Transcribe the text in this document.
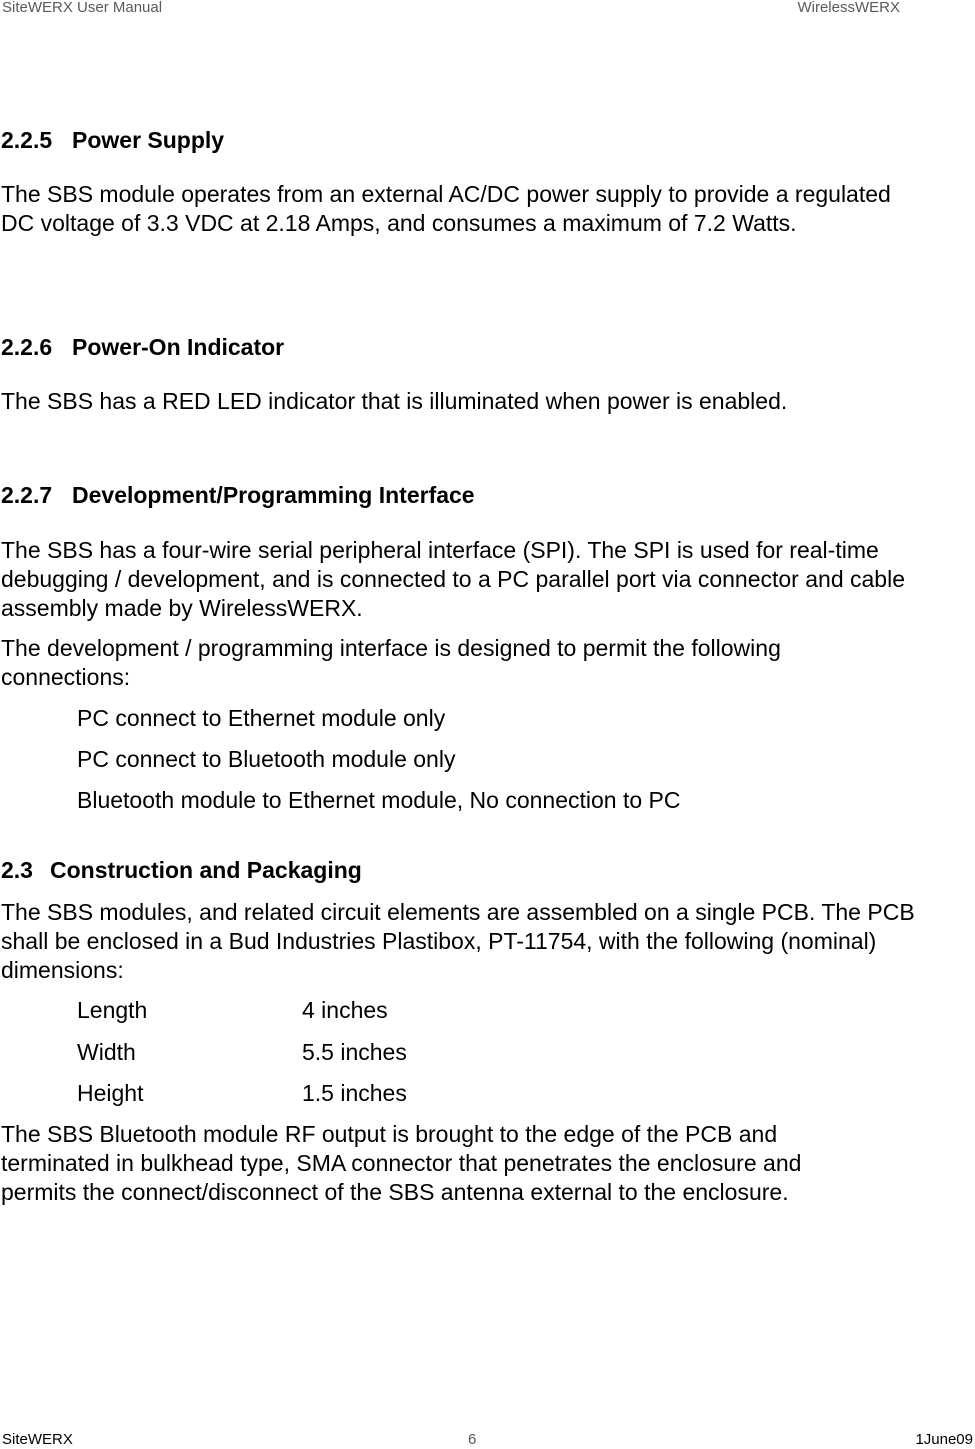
SiteWERX User Manual	WirelessWERX
2.2.5 Power Supply

The SBS module operates from an external AC/DC power supply to provide a regulated DC voltage of 3.3 VDC at 2.18 Amps, and consumes a maximum of 7.2 Watts.

2.2.6 Power-On Indicator

The SBS has a RED LED indicator that is illuminated when power is enabled.

2.2.7 Development/Programming Interface

The SBS has a four-wire serial peripheral interface (SPI). The SPI is used for real-time debugging / development, and is connected to a PC parallel port via connector and cable assembly made by WirelessWERX.

The development / programming interface is designed to permit the following connections:

PC connect to Ethernet module only
PC connect to Bluetooth module only
Bluetooth module to Ethernet module, No connection to PC
2.3 Construction and Packaging

The SBS modules, and related circuit elements are assembled on a single PCB. The PCB shall be enclosed in a Bud Industries Plastibox, PT-11754, with the following (nominal) dimensions:

Length	4 inches
Width	5.5 inches
Height	1.5 inches

The SBS Bluetooth module RF output is brought to the edge of the PCB and terminated in bulkhead type, SMA connector that penetrates the enclosure and permits the connect/disconnect of the SBS antenna external to the enclosure.

SiteWERX	6	1June09
